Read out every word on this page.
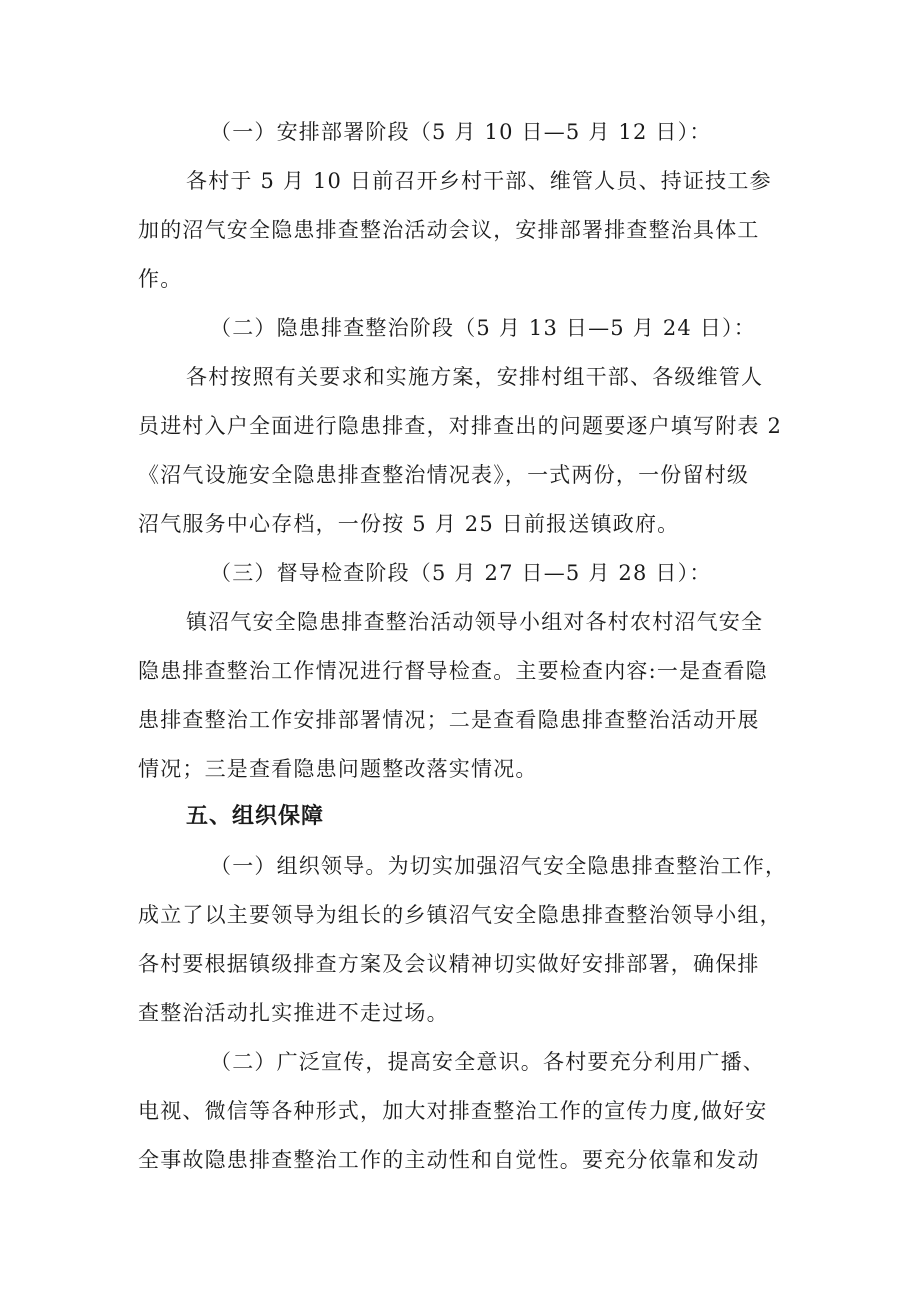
（一）安排部署阶段（5 月 10 日—5 月 12 日）：
各村于 5 月 10 日前召开乡村干部、维管人员、持证技工参
加的沼气安全隐患排查整治活动会议，安排部署排查整治具体工
作。
（二）隐患排查整治阶段（5 月 13 日—5 月 24 日）：
各村按照有关要求和实施方案，安排村组干部、各级维管人
员进村入户全面进行隐患排查，对排查出的问题要逐户填写附表 2
《沼气设施安全隐患排查整治情况表》，一式两份，一份留村级
沼气服务中心存档，一份按 5 月 25 日前报送镇政府。
（三）督导检查阶段（5 月 27 日—5 月 28 日）：
镇沼气安全隐患排查整治活动领导小组对各村农村沼气安全
隐患排查整治工作情况进行督导检查。主要检查内容:一是查看隐
患排查整治工作安排部署情况；二是查看隐患排查整治活动开展
情况；三是查看隐患问题整改落实情况。
五、组织保障
（一）组织领导。为切实加强沼气安全隐患排查整治工作，
成立了以主要领导为组长的乡镇沼气安全隐患排查整治领导小组，
各村要根据镇级排查方案及会议精神切实做好安排部署，确保排
查整治活动扎实推进不走过场。
（二）广泛宣传，提高安全意识。各村要充分利用广播、
电视、微信等各种形式，加大对排查整治工作的宣传力度,做好安
全事故隐患排查整治工作的主动性和自觉性。要充分依靠和发动
